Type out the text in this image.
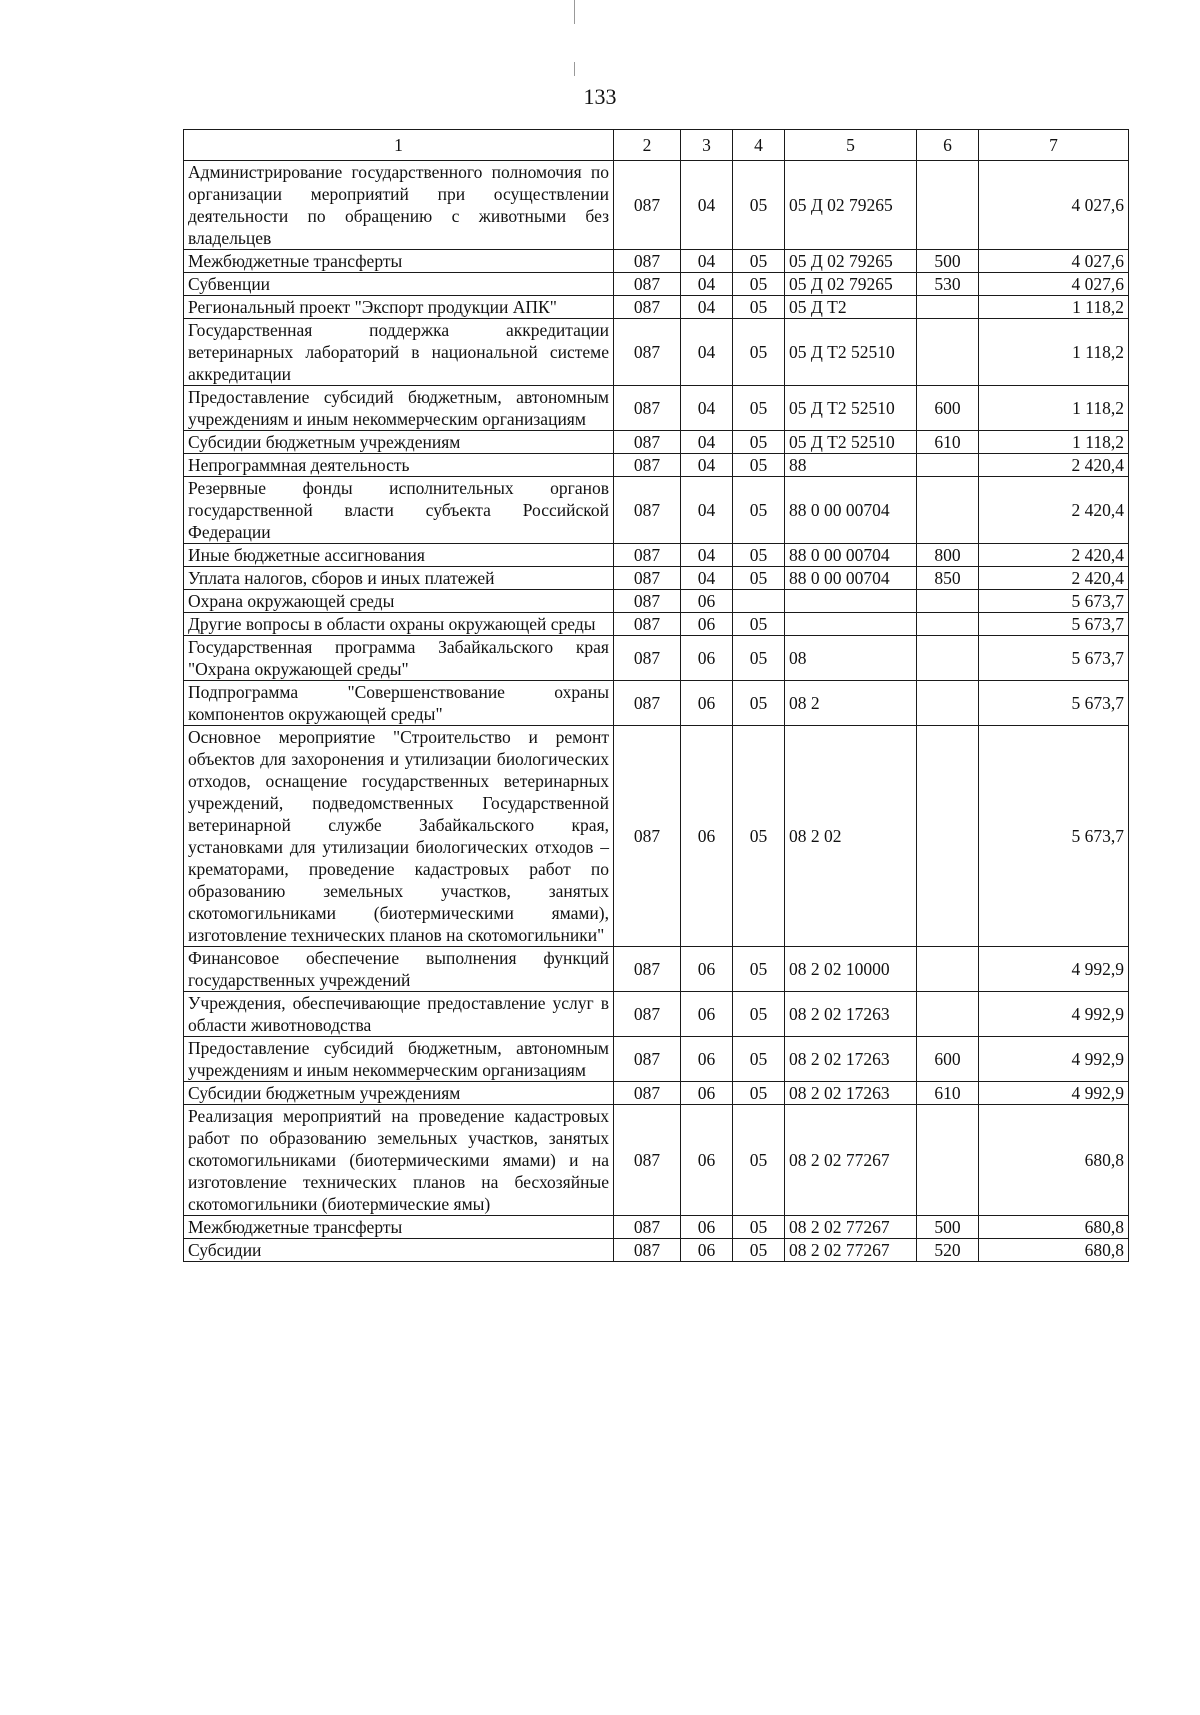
133
1	2	3	4	5	6	7
Администрирование государственного полномочия по организации мероприятий при осуществлении деятельности по обращению с животными без владельцев	087	04	05	05 Д 02 79265		4 027,6
Межбюджетные трансферты	087	04	05	05 Д 02 79265	500	4 027,6
Субвенции	087	04	05	05 Д 02 79265	530	4 027,6
Региональный проект "Экспорт продукции АПК"	087	04	05	05 Д Т2		1 118,2
Государственная поддержка аккредитации ветеринарных лабораторий в национальной системе аккредитации	087	04	05	05 Д Т2 52510		1 118,2
Предоставление субсидий бюджетным, автономным учреждениям и иным некоммерческим организациям	087	04	05	05 Д Т2 52510	600	1 118,2
Субсидии бюджетным учреждениям	087	04	05	05 Д Т2 52510	610	1 118,2
Непрограммная деятельность	087	04	05	88		2 420,4
Резервные фонды исполнительных органов государственной власти субъекта Российской Федерации	087	04	05	88 0 00 00704		2 420,4
Иные бюджетные ассигнования	087	04	05	88 0 00 00704	800	2 420,4
Уплата налогов, сборов и иных платежей	087	04	05	88 0 00 00704	850	2 420,4
Охрана окружающей среды	087	06				5 673,7
Другие вопросы в области охраны окружающей среды	087	06	05			5 673,7
Государственная программа Забайкальского края "Охрана окружающей среды"	087	06	05	08		5 673,7
Подпрограмма "Совершенствование охраны компонентов окружающей среды"	087	06	05	08 2		5 673,7
Основное мероприятие "Строительство и ремонт объектов для захоронения и утилизации биологических отходов, оснащение государственных ветеринарных учреждений, подведомственных Государственной ветеринарной службе Забайкальского края, установками для утилизации биологических отходов – крематорами, проведение кадастровых работ по образованию земельных участков, занятых скотомогильниками (биотермическими ямами), изготовление технических планов на скотомогильники"	087	06	05	08 2 02		5 673,7
Финансовое обеспечение выполнения функций государственных учреждений	087	06	05	08 2 02 10000		4 992,9
Учреждения, обеспечивающие предоставление услуг в области животноводства	087	06	05	08 2 02 17263		4 992,9
Предоставление субсидий бюджетным, автономным учреждениям и иным некоммерческим организациям	087	06	05	08 2 02 17263	600	4 992,9
Субсидии бюджетным учреждениям	087	06	05	08 2 02 17263	610	4 992,9
Реализация мероприятий на проведение кадастровых работ по образованию земельных участков, занятых скотомогильниками (биотермическими ямами) и на изготовление технических планов на бесхозяйные скотомогильники (биотермические ямы)	087	06	05	08 2 02 77267		680,8
Межбюджетные трансферты	087	06	05	08 2 02 77267	500	680,8
Субсидии	087	06	05	08 2 02 77267	520	680,8
